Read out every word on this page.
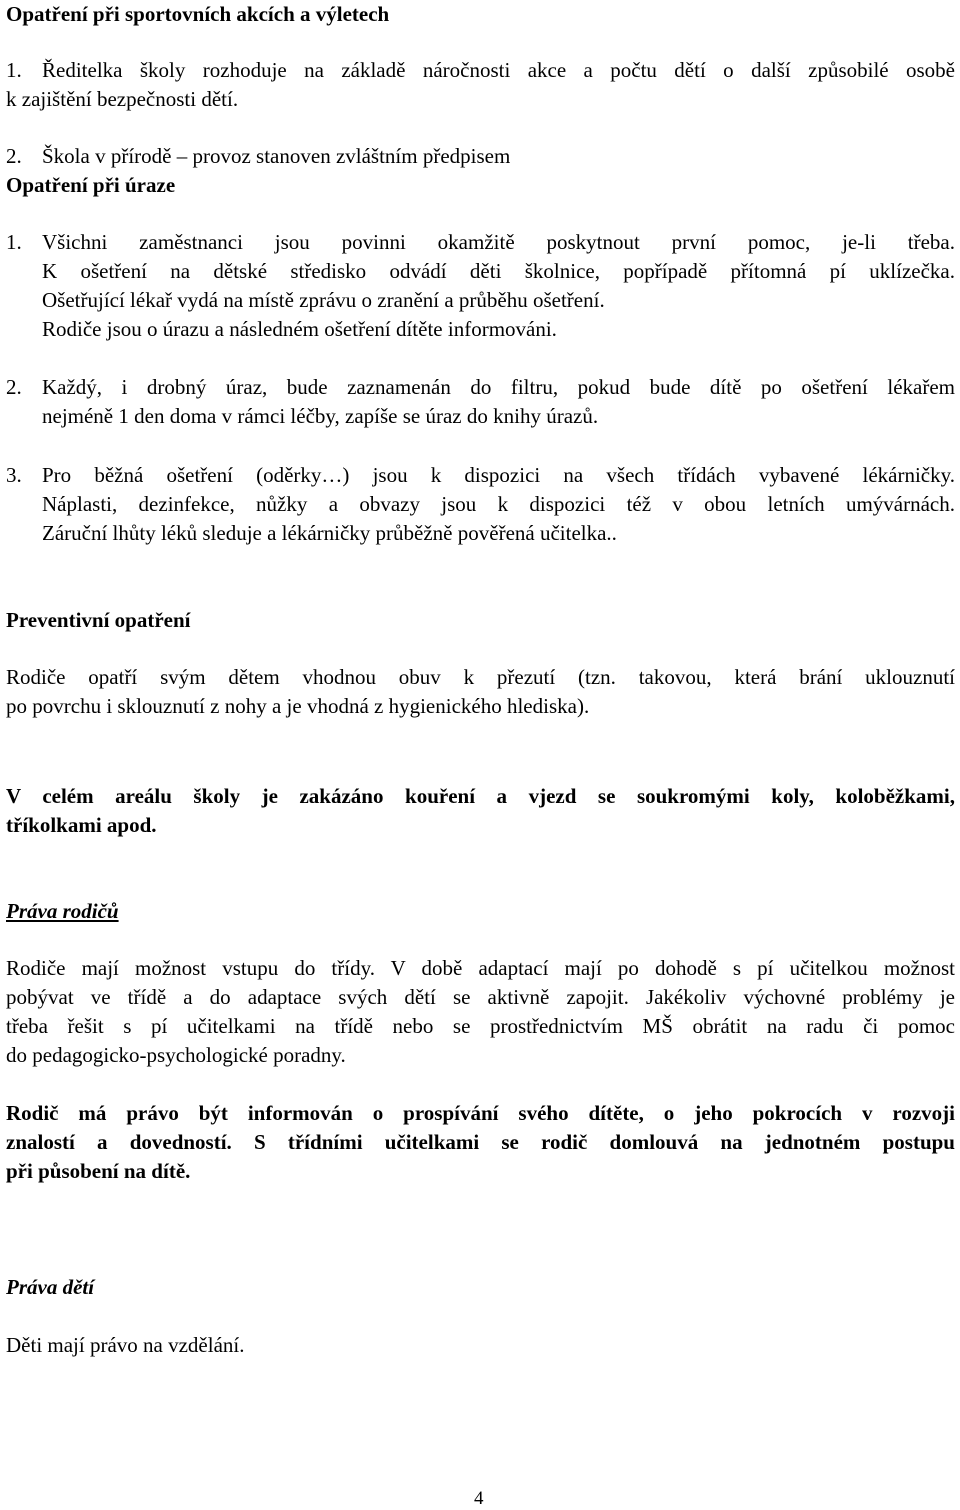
Opatření při sportovních akcích a výletech
1. Ředitelka školy rozhoduje na základě náročnosti akce a počtu dětí o další způsobilé osobě
k zajištění bezpečnosti dětí.
2. Škola v přírodě – provoz stanoven zvláštním předpisem
Opatření při úraze
1. Všichni zaměstnanci jsou povinni okamžitě poskytnout první pomoc, je-li třeba.
K ošetření na dětské středisko odvádí děti školnice, popřípadě přítomná pí uklízečka.
Ošetřující lékař vydá na místě zprávu o zranění a průběhu ošetření.
Rodiče jsou o úrazu a následném ošetření dítěte informováni.
2. Každý, i drobný úraz, bude zaznamenán do filtru, pokud bude dítě po ošetření lékařem
nejméně 1 den doma v rámci léčby, zapíše se úraz do knihy úrazů.
3. Pro běžná ošetření (oděrky…) jsou k dispozici na všech třídách vybavené lékárničky.
Náplasti, dezinfekce, nůžky a obvazy jsou k dispozici též v obou letních umývárnách.
Záruční lhůty léků sleduje a lékárničky průběžně pověřená učitelka..
Preventivní opatření
Rodiče opatří svým dětem vhodnou obuv k přezutí (tzn. takovou, která brání uklouznutí
po povrchu i sklouznutí z nohy a je vhodná z hygienického hlediska).
V celém areálu školy je zakázáno kouření a vjezd se soukromými koly, koloběžkami,
tříkolkami apod.
Práva rodičů
Rodiče mají možnost vstupu do třídy. V době adaptací mají po dohodě s pí učitelkou možnost
pobývat ve třídě a do adaptace svých dětí se aktivně zapojit. Jakékoliv výchovné problémy je
třeba řešit s pí učitelkami na třídě nebo se prostřednictvím MŠ obrátit na radu či pomoc
do pedagogicko-psychologické poradny.
Rodič má právo být informován o prospívání svého dítěte, o jeho pokrocích v rozvoji
znalostí a dovedností. S třídními učitelkami se rodič domlouvá na jednotném postupu
při působení na dítě.
Práva dětí
Děti mají právo na vzdělání.
4
